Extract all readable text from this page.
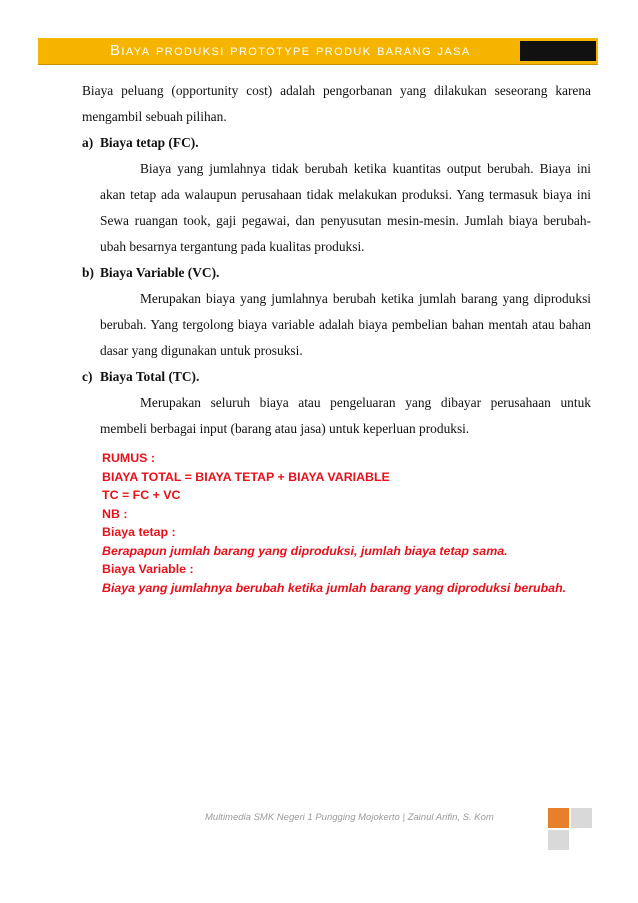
Biaya produksi prototype produk barang jasa

Biaya peluang (opportunity cost) adalah pengorbanan yang dilakukan seseorang karena mengambil sebuah pilihan.

a) Biaya tetap (FC).

Biaya yang jumlahnya tidak berubah ketika kuantitas output berubah. Biaya ini akan tetap ada walaupun perusahaan tidak melakukan produksi. Yang termasuk biaya ini Sewa ruangan took, gaji pegawai, dan penyusutan mesin-mesin. Jumlah biaya berubah-ubah besarnya tergantung pada kualitas produksi.

b) Biaya Variable (VC).

Merupakan biaya yang jumlahnya berubah ketika jumlah barang yang diproduksi berubah. Yang tergolong biaya variable adalah biaya pembelian bahan mentah atau bahan dasar yang digunakan untuk prosuksi.

c) Biaya Total (TC).

Merupakan seluruh biaya atau pengeluaran yang dibayar perusahaan untuk membeli berbagai input (barang atau jasa) untuk keperluan produksi.

RUMUS :
BIAYA TOTAL = BIAYA TETAP + BIAYA VARIABLE
TC = FC + VC
NB :
Biaya tetap :
Berapapun jumlah barang yang diproduksi, jumlah biaya tetap sama.
Biaya Variable :
Biaya yang jumlahnya berubah ketika jumlah barang yang diproduksi berubah.
Multimedia SMK Negeri 1 Pungging Mojokerto | Zainul Arifin, S. Kom
